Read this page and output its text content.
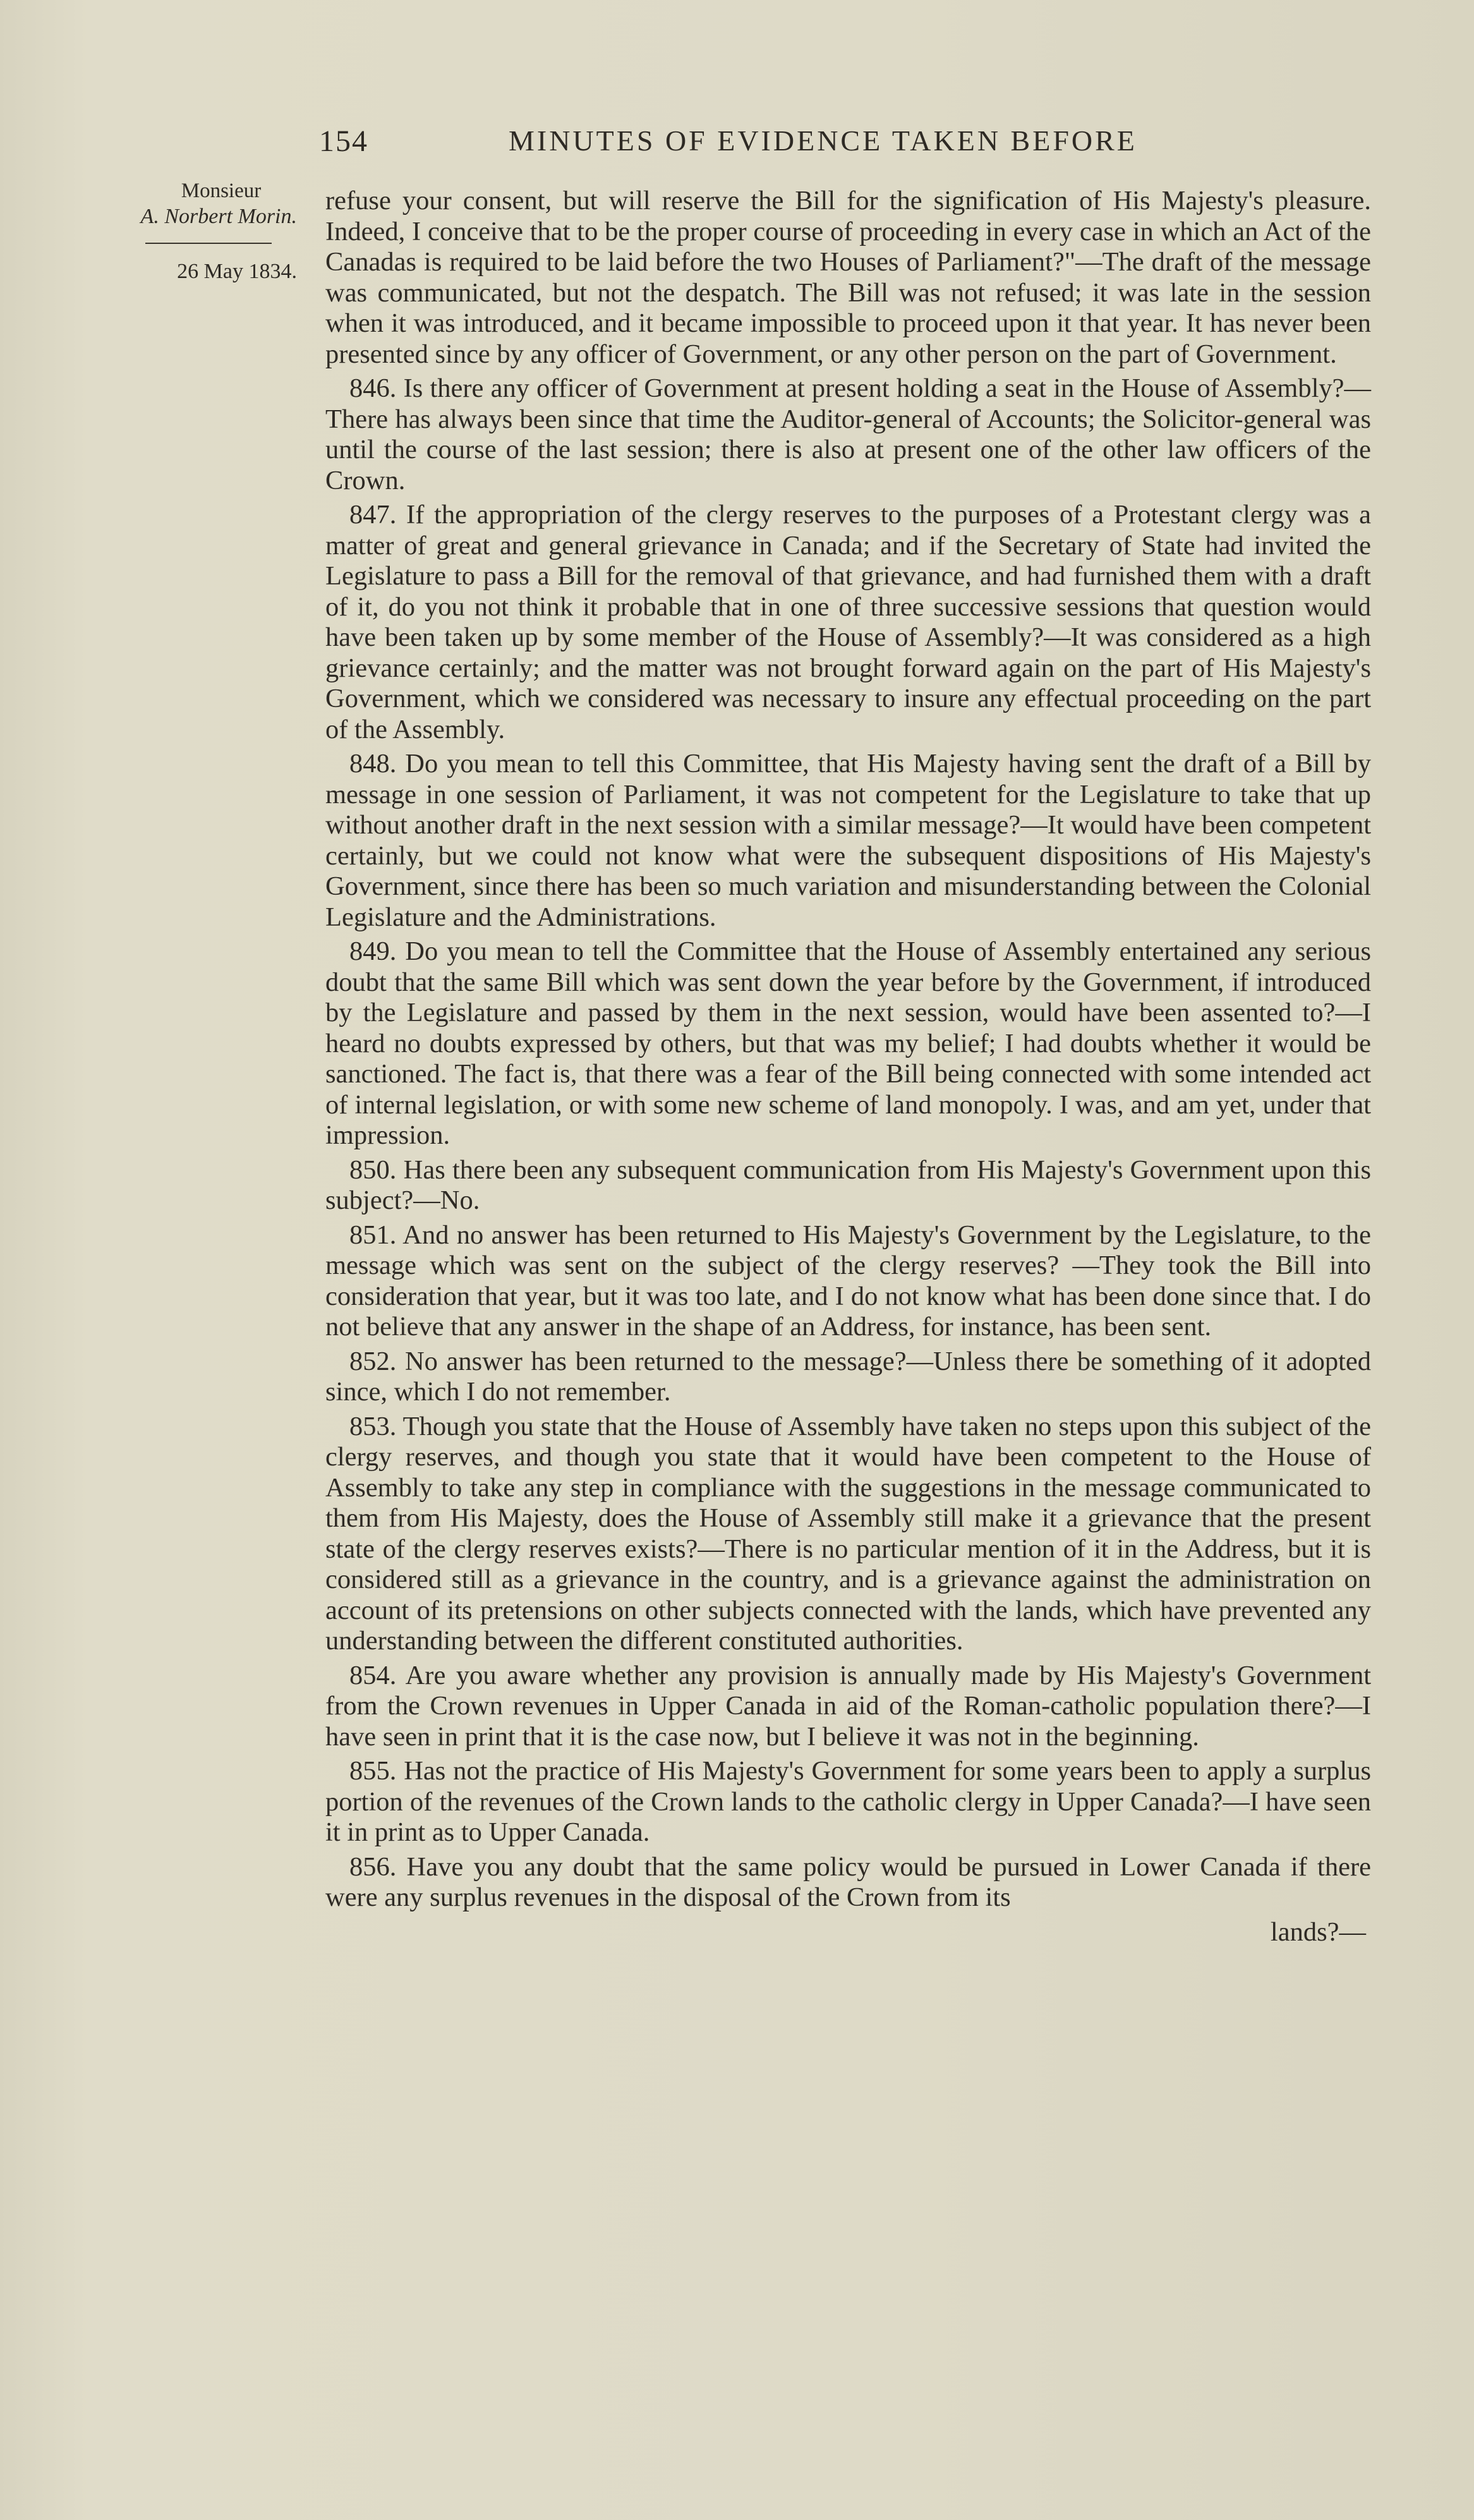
154	MINUTES OF EVIDENCE TAKEN BEFORE
Monsieur
A. Norbert Morin.
26 May 1834.

refuse your consent, but will reserve the Bill for the signification of His Majesty's pleasure. Indeed, I conceive that to be the proper course of proceeding in every case in which an Act of the Canadas is required to be laid before the two Houses of Parliament?"—The draft of the message was communicated, but not the despatch. The Bill was not refused; it was late in the session when it was introduced, and it became impossible to proceed upon it that year. It has never been presented since by any officer of Government, or any other person on the part of Government.

846. Is there any officer of Government at present holding a seat in the House of Assembly?—There has always been since that time the Auditor-general of Accounts; the Solicitor-general was until the course of the last session; there is also at present one of the other law officers of the Crown.

847. If the appropriation of the clergy reserves to the purposes of a Protestant clergy was a matter of great and general grievance in Canada; and if the Secretary of State had invited the Legislature to pass a Bill for the removal of that grievance, and had furnished them with a draft of it, do you not think it probable that in one of three successive sessions that question would have been taken up by some member of the House of Assembly?—It was considered as a high grievance certainly; and the matter was not brought forward again on the part of His Majesty's Government, which we considered was necessary to insure any effectual proceeding on the part of the Assembly.

848. Do you mean to tell this Committee, that His Majesty having sent the draft of a Bill by message in one session of Parliament, it was not competent for the Legislature to take that up without another draft in the next session with a similar message?—It would have been competent certainly, but we could not know what were the subsequent dispositions of His Majesty's Government, since there has been so much variation and misunderstanding between the Colonial Legislature and the Administrations.

849. Do you mean to tell the Committee that the House of Assembly entertained any serious doubt that the same Bill which was sent down the year before by the Government, if introduced by the Legislature and passed by them in the next session, would have been assented to?—I heard no doubts expressed by others, but that was my belief; I had doubts whether it would be sanctioned. The fact is, that there was a fear of the Bill being connected with some intended act of internal legislation, or with some new scheme of land monopoly. I was, and am yet, under that impression.

850. Has there been any subsequent communication from His Majesty's Government upon this subject?—No.

851. And no answer has been returned to His Majesty's Government by the Legislature, to the message which was sent on the subject of the clergy reserves? —They took the Bill into consideration that year, but it was too late, and I do not know what has been done since that. I do not believe that any answer in the shape of an Address, for instance, has been sent.

852. No answer has been returned to the message?—Unless there be something of it adopted since, which I do not remember.

853. Though you state that the House of Assembly have taken no steps upon this subject of the clergy reserves, and though you state that it would have been competent to the House of Assembly to take any step in compliance with the suggestions in the message communicated to them from His Majesty, does the House of Assembly still make it a grievance that the present state of the clergy reserves exists?—There is no particular mention of it in the Address, but it is considered still as a grievance in the country, and is a grievance against the administration on account of its pretensions on other subjects connected with the lands, which have prevented any understanding between the different constituted authorities.

854. Are you aware whether any provision is annually made by His Majesty's Government from the Crown revenues in Upper Canada in aid of the Roman-catholic population there?—I have seen in print that it is the case now, but I believe it was not in the beginning.

855. Has not the practice of His Majesty's Government for some years been to apply a surplus portion of the revenues of the Crown lands to the catholic clergy in Upper Canada?—I have seen it in print as to Upper Canada.

856. Have you any doubt that the same policy would be pursued in Lower Canada if there were any surplus revenues in the disposal of the Crown from its

lands?—
